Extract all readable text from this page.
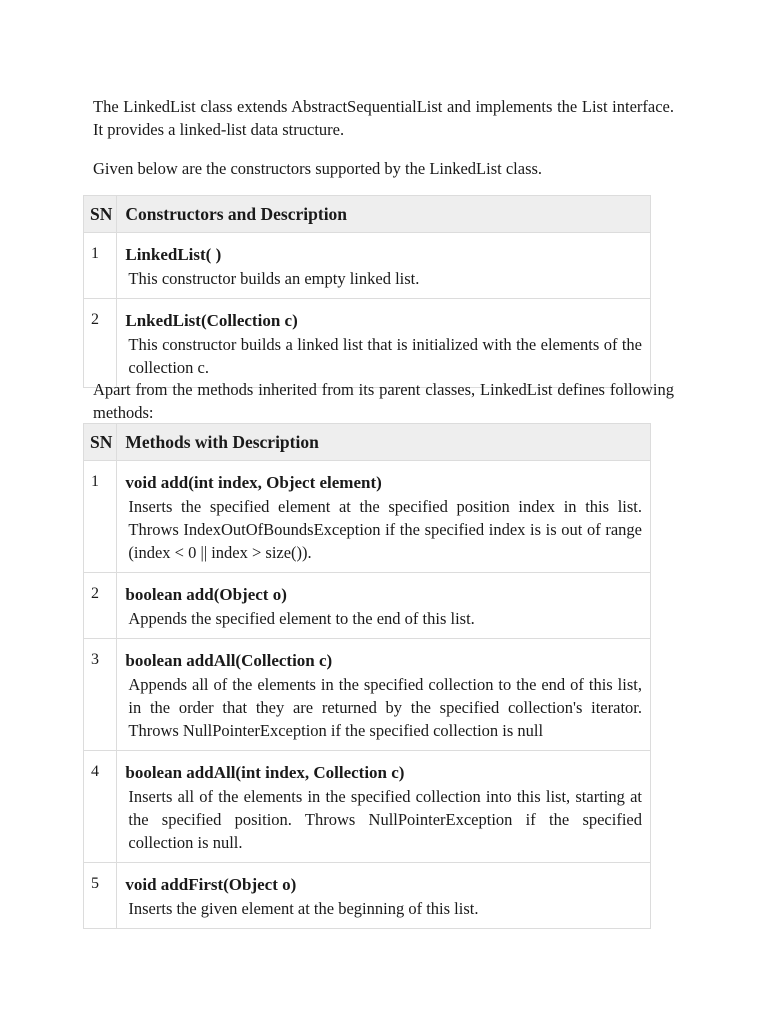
The LinkedList class extends AbstractSequentialList and implements the List interface. It provides a linked-list data structure.

Given below are the constructors supported by the LinkedList class.

SN	Constructors and Description
1	LinkedList( )
This constructor builds an empty linked list.

2	LnkedList(Collection c)
This constructor builds a linked list that is initialized with the elements of the collection c.

Apart from the methods inherited from its parent classes, LinkedList defines following methods:

SN	Methods with Description
1	void add(int index, Object element)
Inserts the specified element at the specified position index in this list. Throws IndexOutOfBoundsException if the specified index is is out of range (index < 0 || index > size()).

2	boolean add(Object o)
Appends the specified element to the end of this list.

3	boolean addAll(Collection c)
Appends all of the elements in the specified collection to the end of this list, in the order that they are returned by the specified collection's iterator. Throws NullPointerException if the specified collection is null

4	boolean addAll(int index, Collection c)
Inserts all of the elements in the specified collection into this list, starting at the specified position. Throws NullPointerException if the specified collection is null.

5	void addFirst(Object o)
Inserts the given element at the beginning of this list.
